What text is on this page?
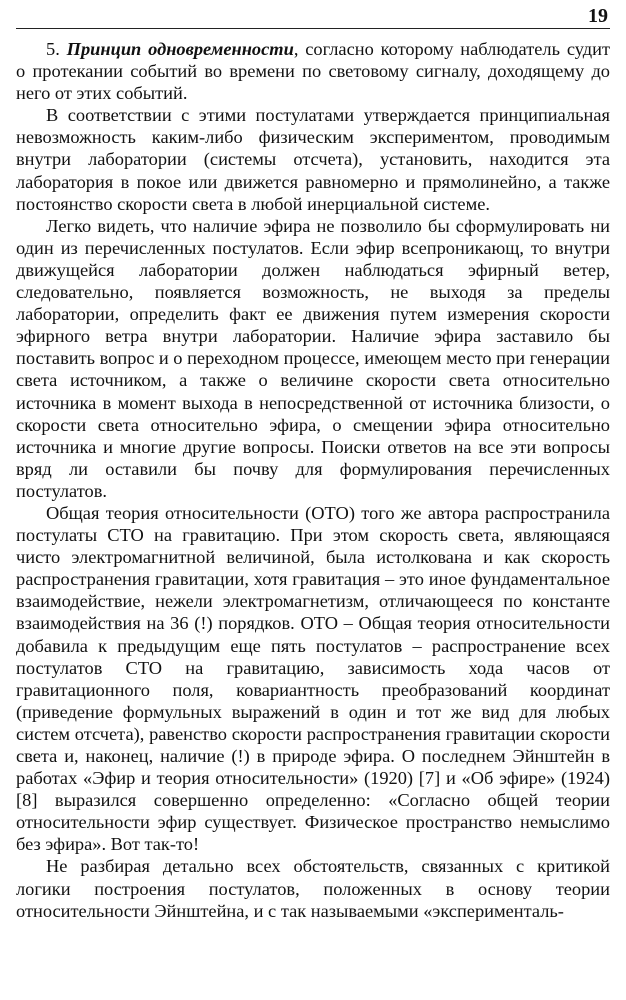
19

5. Принцип одновременности, согласно которому наблюдатель судит о протекании событий во времени по световому сигналу, доходящему до него от этих событий.

В соответствии с этими постулатами утверждается принципиальная невозможность каким-либо физическим экспериментом, проводимым внутри лаборатории (системы отсчета), установить, находится эта лаборатория в покое или движется равномерно и прямолинейно, а также постоянство скорости света в любой инерциальной системе.

Легко видеть, что наличие эфира не позволило бы сформулировать ни один из перечисленных постулатов. Если эфир всепроникающ, то внутри движущейся лаборатории должен наблюдаться эфирный ветер, следовательно, появляется возможность, не выходя за пределы лаборатории, определить факт ее движения путем измерения скорости эфирного ветра внутри лаборатории. Наличие эфира заставило бы поставить вопрос и о переходном процессе, имеющем место при генерации света источником, а также о величине скорости света относительно источника в момент выхода в непосредственной от источника близости, о скорости света относительно эфира, о смещении эфира относительно источника и многие другие вопросы. Поиски ответов на все эти вопросы вряд ли оставили бы почву для формулирования перечисленных постулатов.

Общая теория относительности (ОТО) того же автора распространила постулаты СТО на гравитацию. При этом скорость света, являющаяся чисто электромагнитной величиной, была истолкована и как скорость распространения гравитации, хотя гравитация – это иное фундаментальное взаимодействие, нежели электромагнетизм, отличающееся по константе взаимодействия на 36 (!) порядков. ОТО – Общая теория относительности добавила к предыдущим еще пять постулатов – распространение всех постулатов СТО на гравитацию, зависимость хода часов от гравитационного поля, ковариантность преобразований координат (приведение формульных выражений в один и тот же вид для любых систем отсчета), равенство скорости распространения гравитации скорости света и, наконец, наличие (!) в природе эфира. О последнем Эйнштейн в работах «Эфир и теория относительности» (1920) [7] и «Об эфире» (1924) [8] выразился совершенно определенно: «Согласно общей теории относительности эфир существует. Физическое пространство немыслимо без эфира». Вот так-то!

Не разбирая детально всех обстоятельств, связанных с критикой логики построения постулатов, положенных в основу теории относительности Эйнштейна, и с так называемыми «эксперименталь-
